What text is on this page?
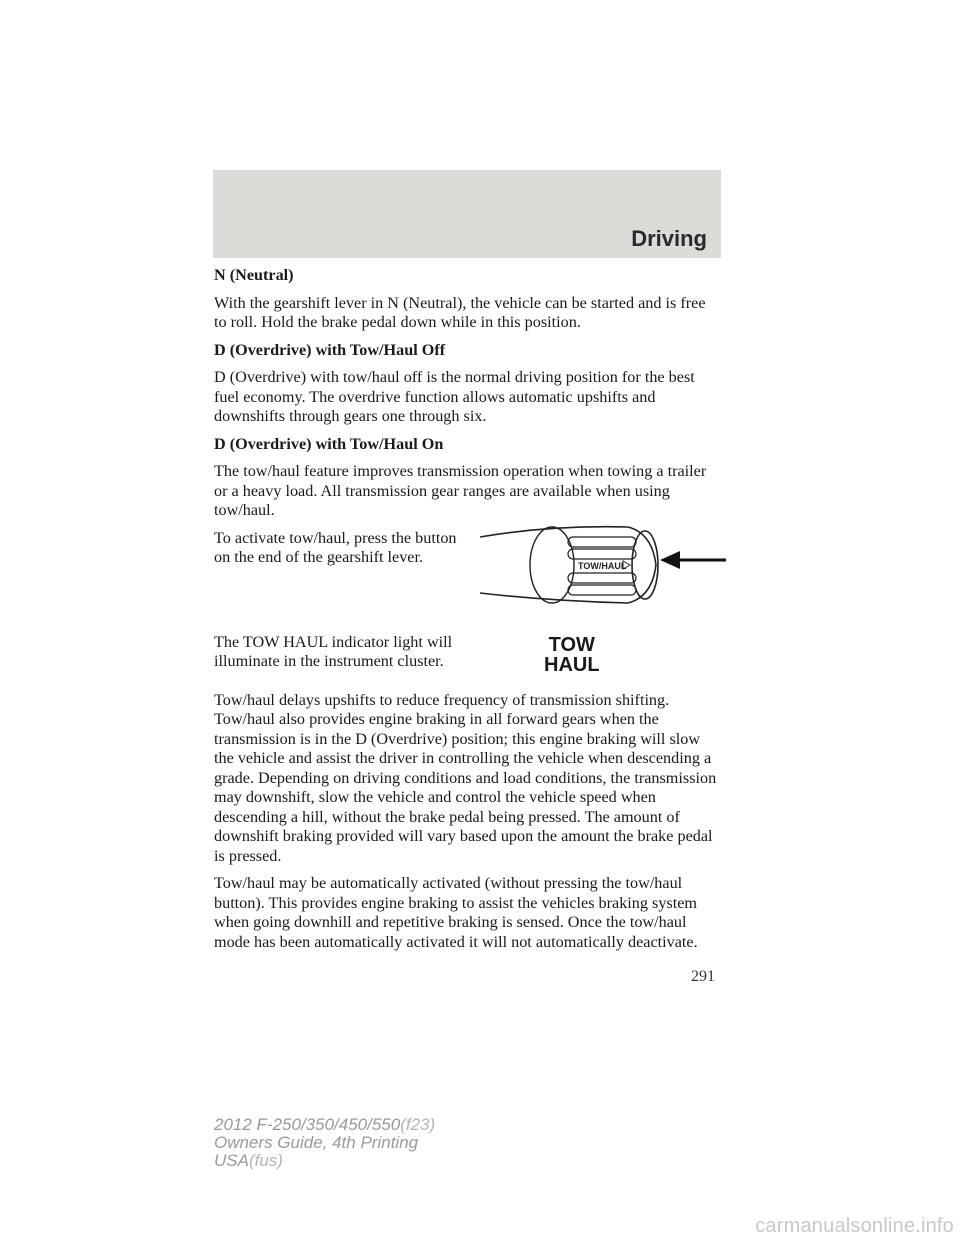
Driving
N (Neutral)

With the gearshift lever in N (Neutral), the vehicle can be started and is free to roll. Hold the brake pedal down while in this position.

D (Overdrive) with Tow/Haul Off

D (Overdrive) with tow/haul off is the normal driving position for the best fuel economy. The overdrive function allows automatic upshifts and downshifts through gears one through six.

D (Overdrive) with Tow/Haul On

The tow/haul feature improves transmission operation when towing a trailer or a heavy load. All transmission gear ranges are available when using tow/haul.

To activate tow/haul, press the button on the end of the gearshift lever.	TOW/HAUL

The TOW HAUL indicator light will illuminate in the instrument cluster.

TOW
HAUL

Tow/haul delays upshifts to reduce frequency of transmission shifting. Tow/haul also provides engine braking in all forward gears when the transmission is in the D (Overdrive) position; this engine braking will slow the vehicle and assist the driver in controlling the vehicle when descending a grade. Depending on driving conditions and load conditions, the transmission may downshift, slow the vehicle and control the vehicle speed when descending a hill, without the brake pedal being pressed. The amount of downshift braking provided will vary based upon the amount the brake pedal is pressed.

Tow/haul may be automatically activated (without pressing the tow/haul button). This provides engine braking to assist the vehicles braking system when going downhill and repetitive braking is sensed. Once the tow/haul mode has been automatically activated it will not automatically deactivate.

291
2012 F-250/350/450/550(f23)
Owners Guide, 4th Printing
USA(fus)
carmanualsonline.info
